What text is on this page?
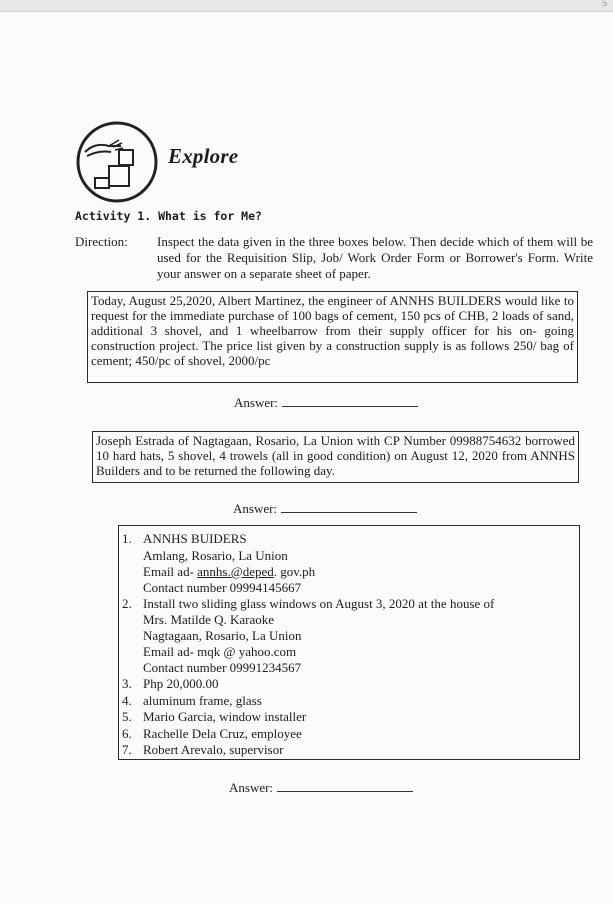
5
Explore
Activity 1. What is for Me?
Direction: Inspect the data given in the three boxes below. Then decide which of them will be used for the Requisition Slip, Job/ Work Order Form or Borrower's Form. Write your answer on a separate sheet of paper.
Today, August 25,2020, Albert Martinez, the engineer of ANNHS BUILDERS would like to request for the immediate purchase of 100 bags of cement, 150 pcs of CHB, 2 loads of sand, additional 3 shovel, and 1 wheelbarrow from their supply officer for his on- going construction project. The price list given by a construction supply is as follows 250/ bag of cement; 450/pc of shovel, 2000/pc
Answer:
Joseph Estrada of Nagtagaan, Rosario, La Union with CP Number 09988754632 borrowed 10 hard hats, 5 shovel, 4 trowels (all in good condition) on August 12, 2020 from ANNHS Builders and to be returned the following day.
Answer:
1. ANNHS BUIDERS
Amlang, Rosario, La Union
Email ad- annhs.@deped. gov.ph
Contact number 09994145667
2. Install two sliding glass windows on August 3, 2020 at the house of
Mrs. Matilde Q. Karaoke
Nagtagaan, Rosario, La Union
Email ad- mqk @ yahoo.com
Contact number 09991234567
3. Php 20,000.00
4. aluminum frame, glass
5. Mario Garcia, window installer
6. Rachelle Dela Cruz, employee
7. Robert Arevalo, supervisor
Answer:
